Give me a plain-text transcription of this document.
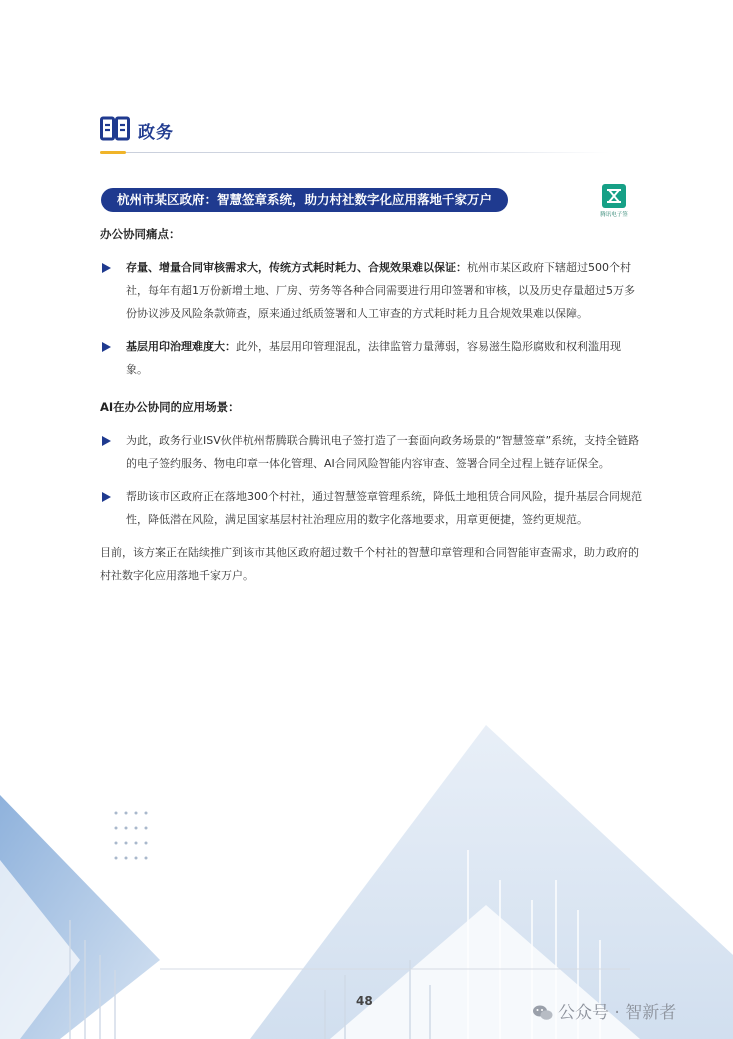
政务
杭州市某区政府：智慧签章系统，助力村社数字化应用落地千家万户
腾讯电子签

办公协同痛点：

存量、增量合同审核需求大，传统方式耗时耗力、合规效果难以保证：杭州市某区政府下辖超过500个村社，每年有超1万份新增土地、厂房、劳务等各种合同需要进行用印签署和审核，以及历史存量超过5万多份协议涉及风险条款筛查，原来通过纸质签署和人工审查的方式耗时耗力且合规效果难以保障。
基层用印治理难度大：此外，基层用印管理混乱，法律监管力量薄弱，容易滋生隐形腐败和权利滥用现象。

AI在办公协同的应用场景：

为此，政务行业ISV伙伴杭州帮腾联合腾讯电子签打造了一套面向政务场景的“智慧签章”系统，支持全链路的电子签约服务、物电印章一体化管理、AI合同风险智能内容审查、签署合同全过程上链存证保全。
帮助该市区政府正在落地300个村社，通过智慧签章管理系统，降低土地租赁合同风险，提升基层合同规范性，降低潜在风险，满足国家基层村社治理应用的数字化落地要求，用章更便捷，签约更规范。

目前，该方案正在陆续推广到该市其他区政府超过数千个村社的智慧印章管理和合同智能审查需求，助力政府的村社数字化应用落地千家万户。

48
公众号 · 智新者
